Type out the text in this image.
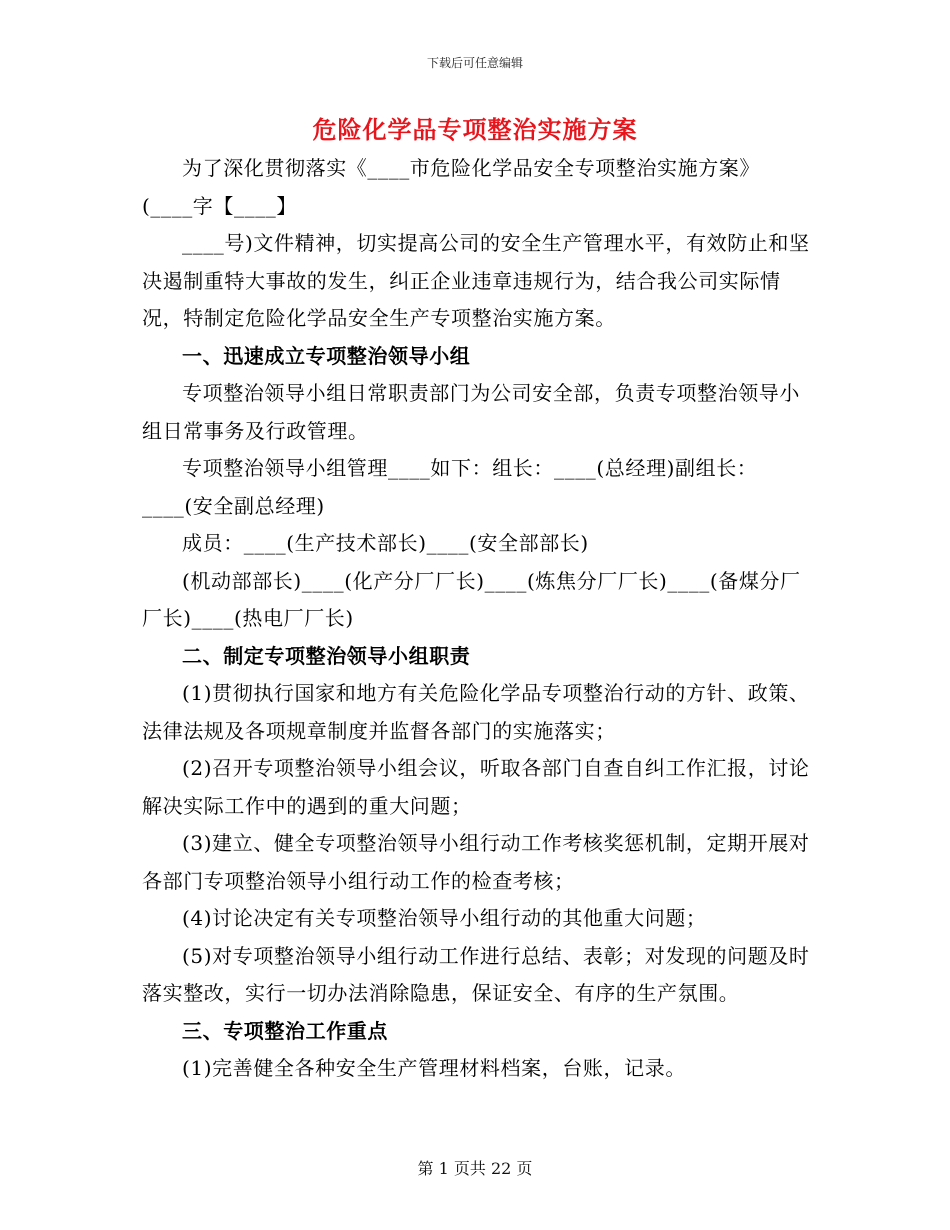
下载后可任意编辑
危险化学品专项整治实施方案

为了深化贯彻落实《____市危险化学品安全专项整治实施方案》

(____字【____】

____号)文件精神，切实提高公司的安全生产管理水平，有效防止和坚决遏制重特大事故的发生，纠正企业违章违规行为，结合我公司实际情况，特制定危险化学品安全生产专项整治实施方案。

一、迅速成立专项整治领导小组

专项整治领导小组日常职责部门为公司安全部，负责专项整治领导小组日常事务及行政管理。

专项整治领导小组管理____如下：组长：____(总经理)副组长：____(安全副总经理)

成员：____(生产技术部长)____(安全部部长)

(机动部部长)____(化产分厂厂长)____(炼焦分厂厂长)____(备煤分厂厂长)____(热电厂厂长)

二、制定专项整治领导小组职责

(1)贯彻执行国家和地方有关危险化学品专项整治行动的方针、政策、法律法规及各项规章制度并监督各部门的实施落实；

(2)召开专项整治领导小组会议，听取各部门自查自纠工作汇报，讨论解决实际工作中的遇到的重大问题；

(3)建立、健全专项整治领导小组行动工作考核奖惩机制，定期开展对各部门专项整治领导小组行动工作的检查考核；

(4)讨论决定有关专项整治领导小组行动的其他重大问题；

(5)对专项整治领导小组行动工作进行总结、表彰；对发现的问题及时落实整改，实行一切办法消除隐患，保证安全、有序的生产氛围。

三、专项整治工作重点

(1)完善健全各种安全生产管理材料档案，台账，记录。

第 1 页共 22 页
